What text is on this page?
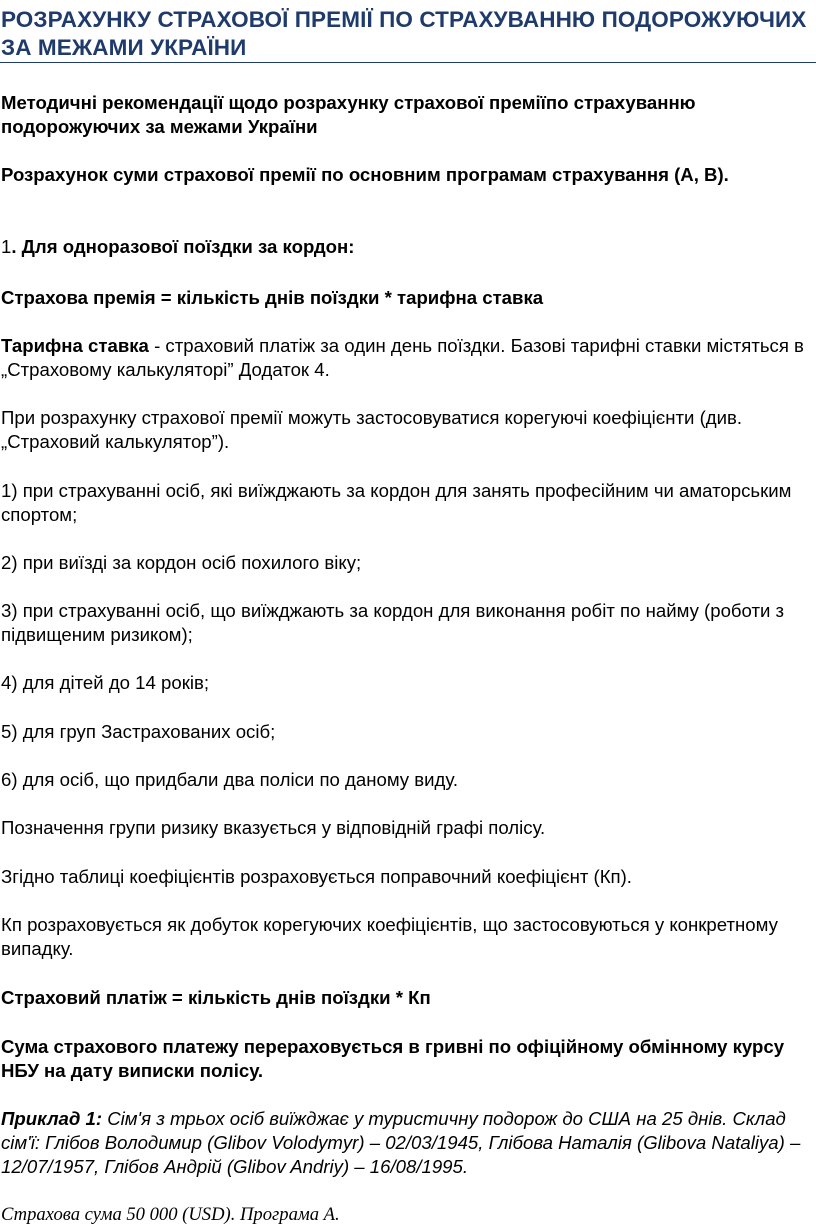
РОЗРАХУНКУ СТРАХОВОЇ ПРЕМІЇ ПО СТРАХУВАННЮ ПОДОРОЖУЮЧИХ ЗА МЕЖАМИ УКРАЇНИ

Методичні рекомендації щодо розрахунку страхової преміїпо страхуванню подорожуючих за межами України

Розрахунок суми страхової премії по основним програмам страхування (А, В).

1. Для одноразової поїздки за кордон:

Страхова премія = кількість днів поїздки * тарифна ставка

Тарифна ставка - страховий платіж за один день поїздки. Базові тарифні ставки містяться в „Страховому калькуляторі” Додаток 4.

При розрахунку страхової премії можуть застосовуватися корегуючі коефіцієнти (див. „Страховий калькулятор”).

1) при страхуванні осіб, які виїжджають за кордон для занять професійним чи аматорським спортом;

2) при виїзді за кордон осіб похилого віку;

3) при страхуванні осіб, що виїжджають за кордон для виконання робіт по найму (роботи з підвищеним ризиком);

4) для дітей до 14 років;

5) для груп Застрахованих осіб;

6) для осіб, що придбали два поліси по даному виду.

Позначення групи ризику вказується у відповідній графі полісу.

Згідно таблиці коефіцієнтів розраховується поправочний коефіцієнт (Кп).

Кп розраховується як добуток корегуючих коефіцієнтів, що застосовуються у конкретному випадку.

Страховий платіж = кількість днів поїздки * Кп

Сума страхового платежу перераховується в гривні по офіційному обмінному курсу НБУ на дату виписки полісу.

Приклад 1: Сім'я з трьох осіб виїжджає у туристичну подорож до США на 25 днів. Склад сім'ї: Глібов Володимир (Glibov Volodymyr) – 02/03/1945, Глібова Наталія (Glibova Nataliya) – 12/07/1957, Глібов Андрій (Glibov Andriy) – 16/08/1995.

Страхова сума 50 000 (USD). Програма А.
